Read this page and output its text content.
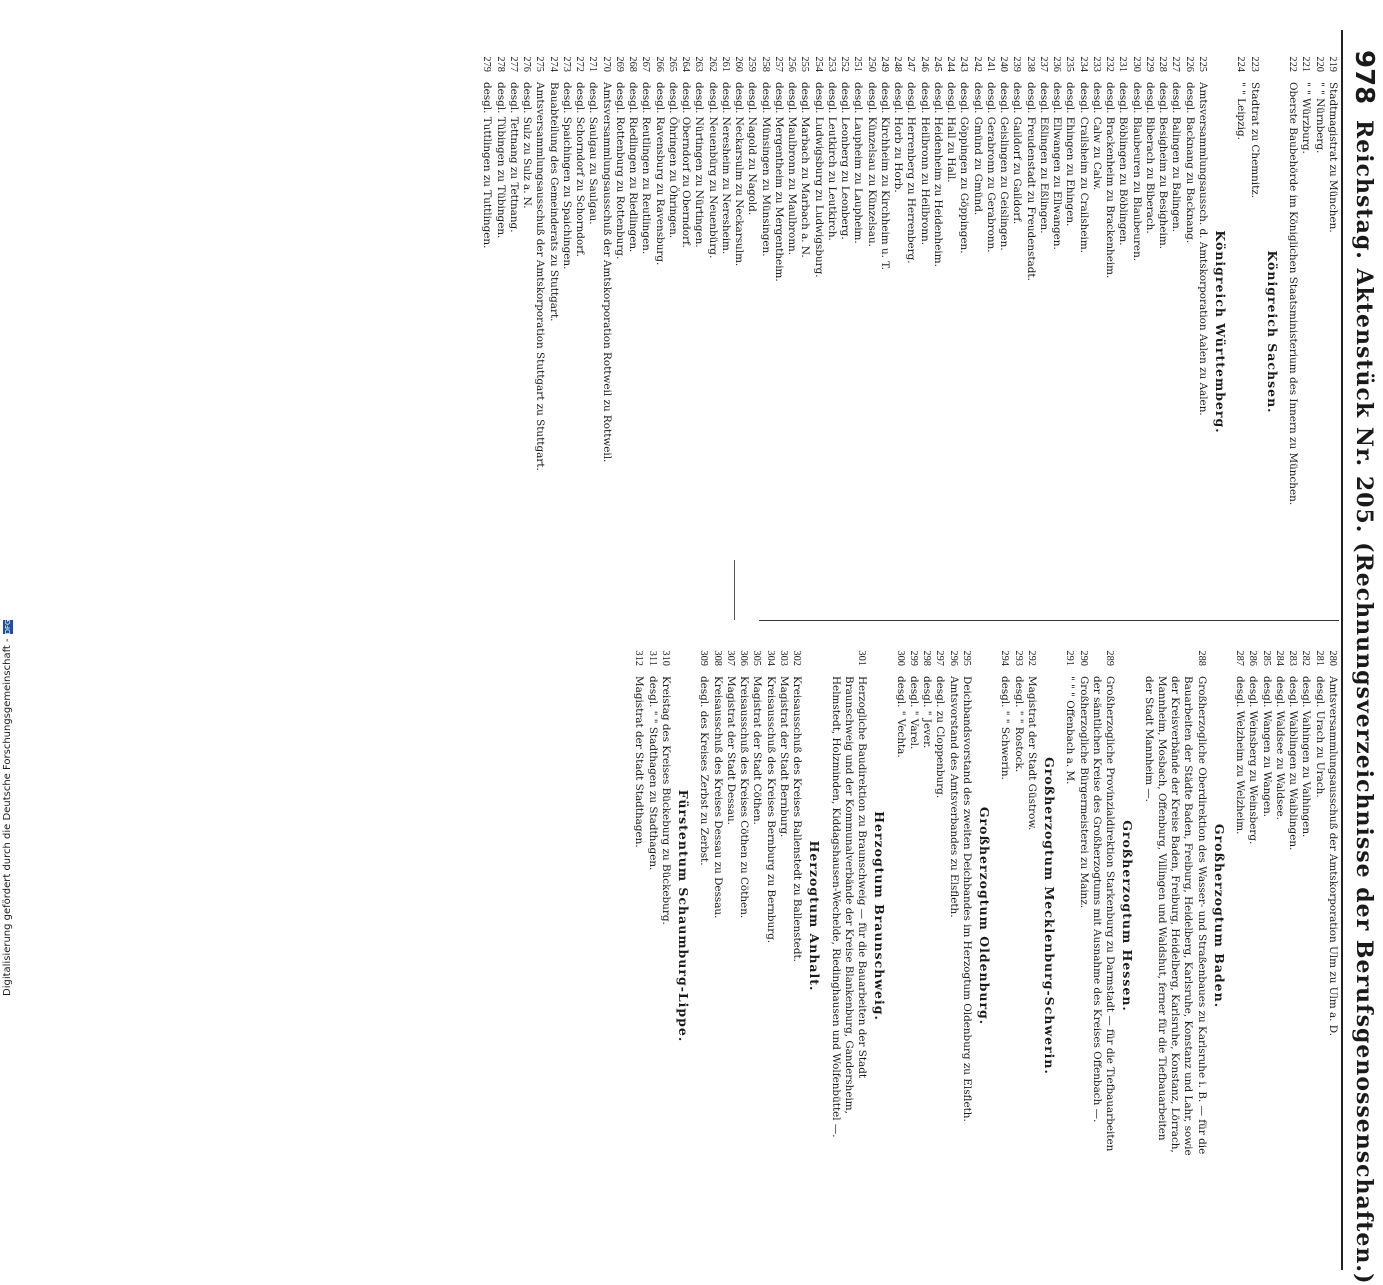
Digitalisierung gefördert durch die Deutsche Forschungsgemeinschaft -DFG
978
Reichstag. Aktenstück Nr. 205. (Rechnungsverzeichnisse der Berufsgenossenschaften.)
219
Stadtmagistrat zu München.
220
" " Nürnberg.
221
" " Würzburg.
222
Oberste Baubehörde im Königlichen Staatsministerium des Innern zu München.
Königreich Sachsen.
223
Stadtrat zu Chemnitz.
224
" " Leipzig.
Königreich Württemberg.
225
Amtsversammlungsaussch. d. Amtskorporation Aalen zu Aalen.
226
desgl. Backnang zu Backnang.
227
desgl. Balingen zu Balingen.
228
desgl. Besigheim zu Besigheim.
229
desgl. Biberach zu Biberach.
230
desgl. Blaubeuren zu Blaubeuren.
231
desgl. Böblingen zu Böblingen.
232
desgl. Brackenheim zu Brackenheim.
233
desgl. Calw zu Calw.
234
desgl. Crailsheim zu Crailsheim.
235
desgl. Ehingen zu Ehingen.
236
desgl. Ellwangen zu Ellwangen.
237
desgl. Eßlingen zu Eßlingen.
238
desgl. Freudenstadt zu Freudenstadt.
239
desgl. Gaildorf zu Gaildorf.
240
desgl. Geislingen zu Geislingen.
241
desgl. Gerabronn zu Gerabronn.
242
desgl. Gmünd zu Gmünd.
243
desgl. Göppingen zu Göppingen.
244
desgl. Hall zu Hall.
245
desgl. Heidenheim zu Heidenheim.
246
desgl. Heilbronn zu Heilbronn.
247
desgl. Herrenberg zu Herrenberg.
248
desgl. Horb zu Horb.
249
desgl. Kirchheim zu Kirchheim u. T.
250
desgl. Künzelsau zu Künzelsau.
251
desgl. Laupheim zu Laupheim.
252
desgl. Leonberg zu Leonberg.
253
desgl. Leutkirch zu Leutkirch.
254
desgl. Ludwigsburg zu Ludwigsburg.
255
desgl. Marbach zu Marbach a. N.
256
desgl. Maulbronn zu Maulbronn.
257
desgl. Mergentheim zu Mergentheim.
258
desgl. Münsingen zu Münsingen.
259
desgl. Nagold zu Nagold.
260
desgl. Neckarsulm zu Neckarsulm.
261
desgl. Neresheim zu Neresheim.
262
desgl. Neuenbürg zu Neuenbürg.
263
desgl. Nürtingen zu Nürtingen.
264
desgl. Oberndorf zu Oberndorf.
265
desgl. Öhringen zu Öhringen.
266
desgl. Ravensburg zu Ravensburg.
267
desgl. Reutlingen zu Reutlingen.
268
desgl. Riedlingen zu Riedlingen.
269
desgl. Rottenburg zu Rottenburg.
270
Amtsversammlungsausschuß der Amtskorporation Rottweil zu Rottweil.
271
desgl. Saulgau zu Saulgau.
272
desgl. Schorndorf zu Schorndorf.
273
desgl. Spaichingen zu Spaichingen.
274
Bauabteilung des Gemeinderats zu Stuttgart.
275
Amtsversammlungsausschuß der Amtskorporation Stuttgart zu Stuttgart.
276
desgl. Sulz zu Sulz a. N.
277
desgl. Tettnang zu Tettnang.
278
desgl. Tübingen zu Tübingen.
279
desgl. Tuttlingen zu Tuttlingen.
280
Amtsversammlungsausschuß der Amtskorporation Ulm zu Ulm a. D.
281
desgl. Urach zu Urach.
282
desgl. Vaihingen zu Vaihingen.
283
desgl. Waiblingen zu Waiblingen.
284
desgl. Waldsee zu Waldsee.
285
desgl. Wangen zu Wangen.
286
desgl. Weinsberg zu Weinsberg.
287
desgl. Welzheim zu Welzheim.
Großherzogtum Baden.
288
Großherzogliche Oberdirektion des Wasser- und Straßenbaues zu Karlsruhe i. B. — für die Bauarbeiten der Städte Baden, Freiburg, Heidelberg, Karlsruhe, Konstanz und Lahr, sowie der Kreisverbände der Kreise Baden, Freiburg, Heidelberg, Karlsruhe, Konstanz, Lörrach, Mannheim, Mosbach, Offenburg, Villingen und Waldshut, ferner für die Tiefbauarbeiten der Stadt Mannheim —.
Großherzogtum Hessen.
289
Großherzogliche Provinzialdirektion Starkenburg zu Darmstadt — für die Tiefbauarbeiten der sämtlichen Kreise des Großherzogtums mit Ausnahme des Kreises Offenbach —.
290
Großherzogliche Bürgermeisterei zu Mainz.
291
" " " Offenbach a. M.
Großherzogtum Mecklenburg-Schwerin.
292
Magistrat der Stadt Güstrow.
293
desgl. " " Rostock.
294
desgl. " " Schwerin.
Großherzogtum Oldenburg.
295
Deichbandsvorstand des zweiten Deichbandes im Herzogtum Oldenburg zu Elsfleth.
296
Amtsvorstand des Amtsverbandes zu Elsfleth.
297
desgl. zu Cloppenburg.
298
desgl. " Jever.
299
desgl. " Varel.
300
desgl. " Vechta.
Herzogtum Braunschweig.
301
Herzogliche Baudirektion zu Braunschweig — für die Bauarbeiten der Stadt Braunschweig und der Kommunalverbände der Kreise Blankenburg, Gandersheim, Helmstedt, Holzminden, Kiddagshausen-Wechelde, Riedinghausen und Wolfenbüttel —.
Herzogtum Anhalt.
302
Kreisausschuß des Kreises Ballenstedt zu Ballenstedt.
303
Magistrat der Stadt Bernburg.
304
Kreisausschuß des Kreises Bernburg zu Bernburg.
305
Magistrat der Stadt Cöthen.
306
Kreisausschuß des Kreises Cöthen zu Cöthen.
307
Magistrat der Stadt Dessau.
308
Kreisausschuß des Kreises Dessau zu Dessau.
309
desgl. des Kreises Zerbst zu Zerbst.
Fürstentum Schaumburg-Lippe.
310
Kreistag des Kreises Bückeburg zu Bückeburg.
311
desgl. " " Stadthagen zu Stadthagen.
312
Magistrat der Stadt Stadthagen.
